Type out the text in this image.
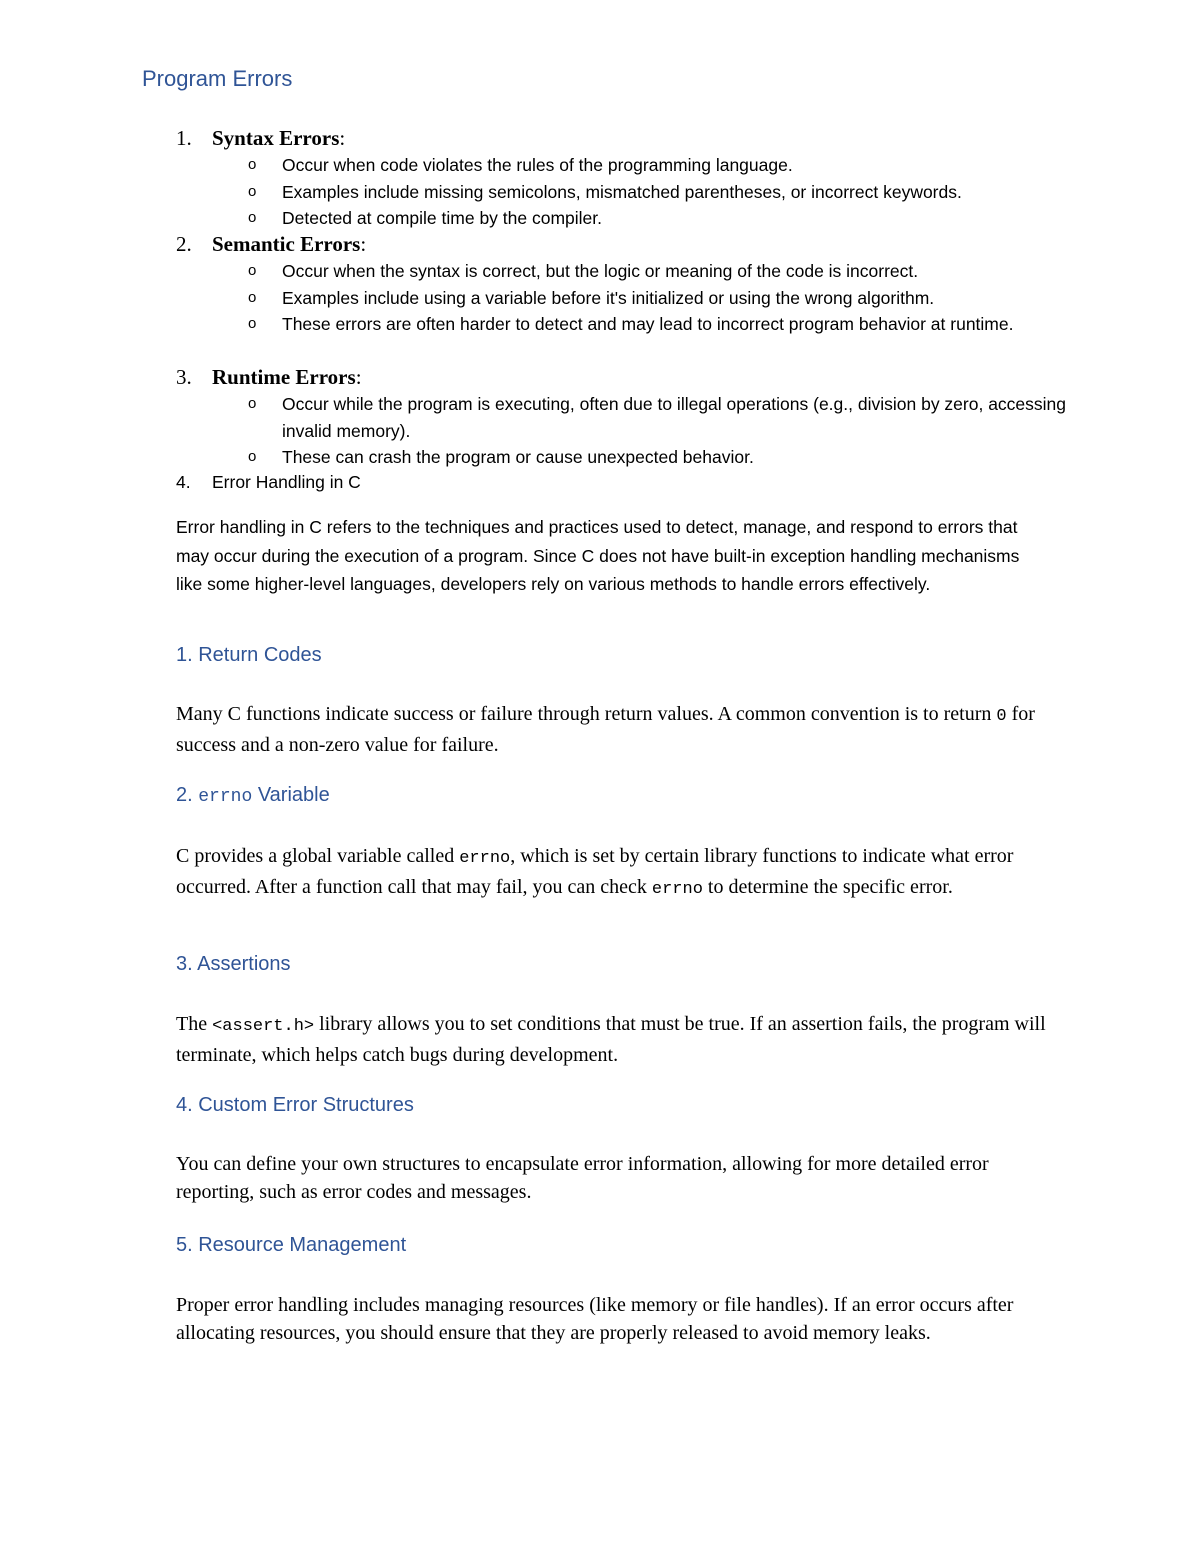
Program Errors
1. Syntax Errors:
o Occur when code violates the rules of the programming language.
o Examples include missing semicolons, mismatched parentheses, or incorrect keywords.
o Detected at compile time by the compiler.
2. Semantic Errors:
o Occur when the syntax is correct, but the logic or meaning of the code is incorrect.
o Examples include using a variable before it's initialized or using the wrong algorithm.
o These errors are often harder to detect and may lead to incorrect program behavior at runtime.
3. Runtime Errors:
o Occur while the program is executing, often due to illegal operations (e.g., division by zero, accessing invalid memory).
o These can crash the program or cause unexpected behavior.
4. Error Handling in C

Error handling in C refers to the techniques and practices used to detect, manage, and respond to errors that may occur during the execution of a program. Since C does not have built-in exception handling mechanisms like some higher-level languages, developers rely on various methods to handle errors effectively.

1. Return Codes

Many C functions indicate success or failure through return values. A common convention is to return 0 for success and a non-zero value for failure.

2. errno Variable

C provides a global variable called errno, which is set by certain library functions to indicate what error occurred. After a function call that may fail, you can check errno to determine the specific error.

3. Assertions

The <assert.h> library allows you to set conditions that must be true. If an assertion fails, the program will terminate, which helps catch bugs during development.

4. Custom Error Structures

You can define your own structures to encapsulate error information, allowing for more detailed error reporting, such as error codes and messages.

5. Resource Management

Proper error handling includes managing resources (like memory or file handles). If an error occurs after allocating resources, you should ensure that they are properly released to avoid memory leaks.
